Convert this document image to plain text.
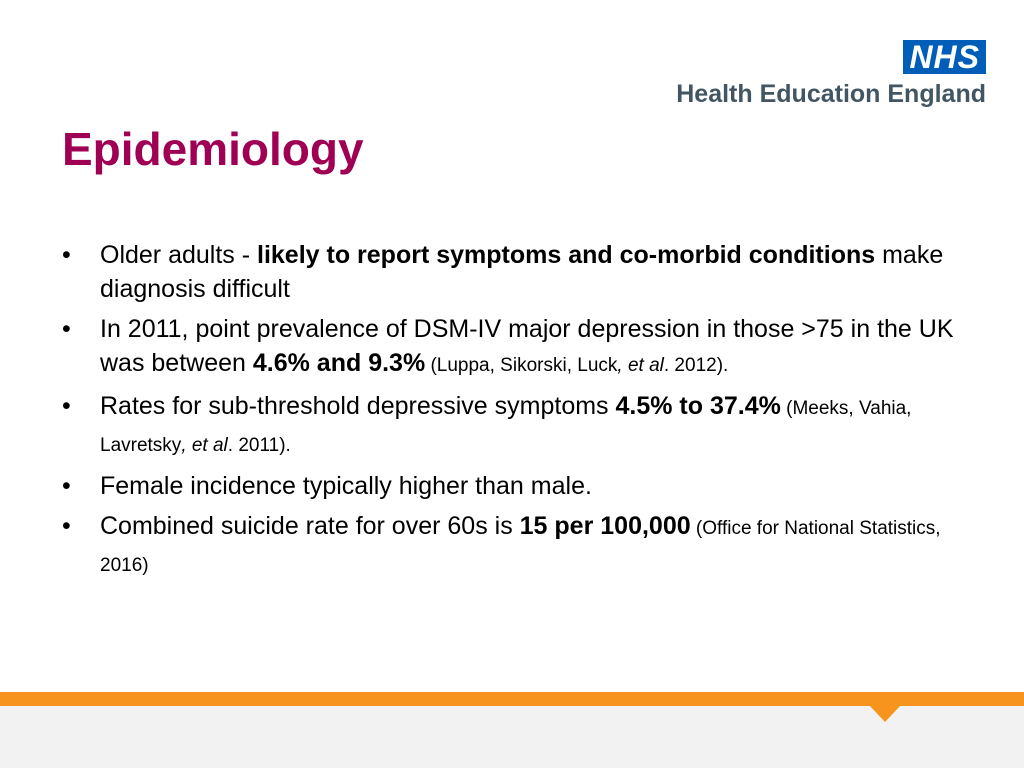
NHS
Health Education England
Epidemiology
•	Older adults - likely to report symptoms and co-morbid conditions make diagnosis difficult
•	In 2011, point prevalence of DSM-IV major depression in those >75 in the UK was between 4.6% and 9.3% (Luppa, Sikorski, Luck, et al. 2012).
•	Rates for sub-threshold depressive symptoms 4.5% to 37.4% (Meeks, Vahia, Lavretsky, et al. 2011).
•	Female incidence typically higher than male.
•	Combined suicide rate for over 60s is 15 per 100,000 (Office for National Statistics, 2016)
